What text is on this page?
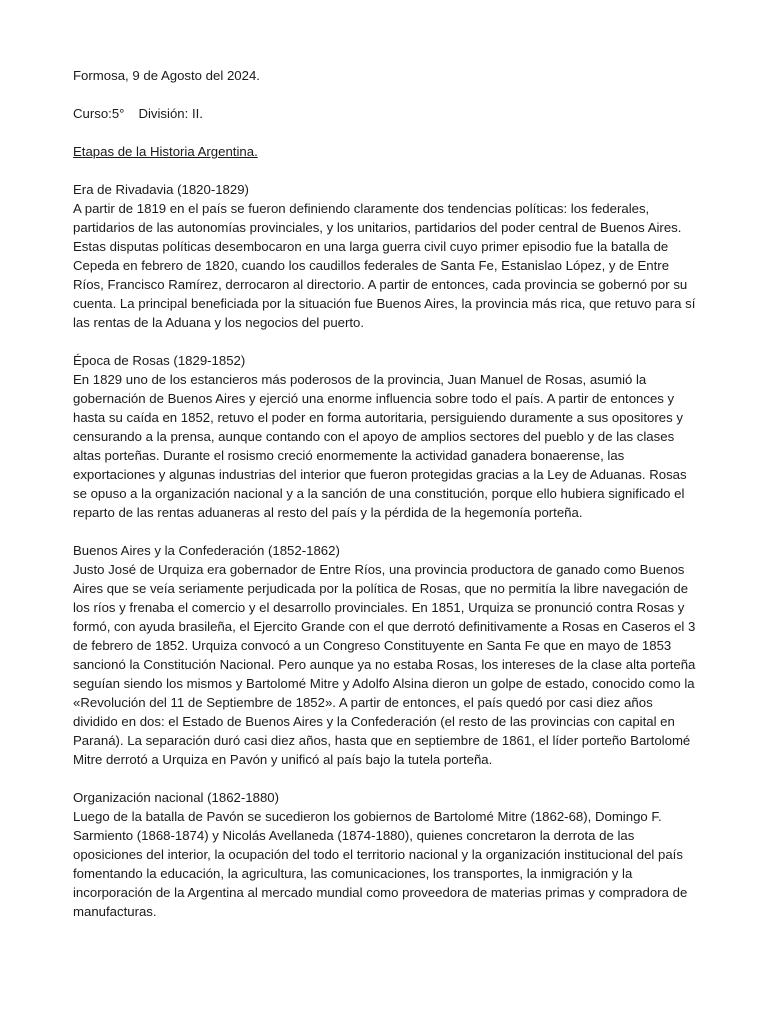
Formosa, 9 de Agosto del 2024.

Curso:5° División: II.

Etapas de la Historia Argentina.

Era de Rivadavia (1820-1829)

A partir de 1819 en el país se fueron definiendo claramente dos tendencias políticas: los federales, partidarios de las autonomías provinciales, y los unitarios, partidarios del poder central de Buenos Aires. Estas disputas políticas desembocaron en una larga guerra civil cuyo primer episodio fue la batalla de Cepeda en febrero de 1820, cuando los caudillos federales de Santa Fe, Estanislao López, y de Entre Ríos, Francisco Ramírez, derrocaron al directorio. A partir de entonces, cada provincia se gobernó por su cuenta. La principal beneficiada por la situación fue Buenos Aires, la provincia más rica, que retuvo para sí las rentas de la Aduana y los negocios del puerto.

Época de Rosas (1829-1852)

En 1829 uno de los estancieros más poderosos de la provincia, Juan Manuel de Rosas, asumió la gobernación de Buenos Aires y ejerció una enorme influencia sobre todo el país. A partir de entonces y hasta su caída en 1852, retuvo el poder en forma autoritaria, persiguiendo duramente a sus opositores y censurando a la prensa, aunque contando con el apoyo de amplios sectores del pueblo y de las clases altas porteñas. Durante el rosismo creció enormemente la actividad ganadera bonaerense, las exportaciones y algunas industrias del interior que fueron protegidas gracias a la Ley de Aduanas. Rosas se opuso a la organización nacional y a la sanción de una constitución, porque ello hubiera significado el reparto de las rentas aduaneras al resto del país y la pérdida de la hegemonía porteña.

Buenos Aires y la Confederación (1852-1862)

Justo José de Urquiza era gobernador de Entre Ríos, una provincia productora de ganado como Buenos Aires que se veía seriamente perjudicada por la política de Rosas, que no permitía la libre navegación de los ríos y frenaba el comercio y el desarrollo provinciales. En 1851, Urquiza se pronunció contra Rosas y formó, con ayuda brasileña, el Ejercito Grande con el que derrotó definitivamente a Rosas en Caseros el 3 de febrero de 1852. Urquiza convocó a un Congreso Constituyente en Santa Fe que en mayo de 1853 sancionó la Constitución Nacional. Pero aunque ya no estaba Rosas, los intereses de la clase alta porteña seguían siendo los mismos y Bartolomé Mitre y Adolfo Alsina dieron un golpe de estado, conocido como la «Revolución del 11 de Septiembre de 1852». A partir de entonces, el país quedó por casi diez años dividido en dos: el Estado de Buenos Aires y la Confederación (el resto de las provincias con capital en Paraná). La separación duró casi diez años, hasta que en septiembre de 1861, el líder porteño Bartolomé Mitre derrotó a Urquiza en Pavón y unificó al país bajo la tutela porteña.

Organización nacional (1862-1880)

Luego de la batalla de Pavón se sucedieron los gobiernos de Bartolomé Mitre (1862-68), Domingo F. Sarmiento (1868-1874) y Nicolás Avellaneda (1874-1880), quienes concretaron la derrota de las oposiciones del interior, la ocupación del todo el territorio nacional y la organización institucional del país fomentando la educación, la agricultura, las comunicaciones, los transportes, la inmigración y la incorporación de la Argentina al mercado mundial como proveedora de materias primas y compradora de manufacturas.
